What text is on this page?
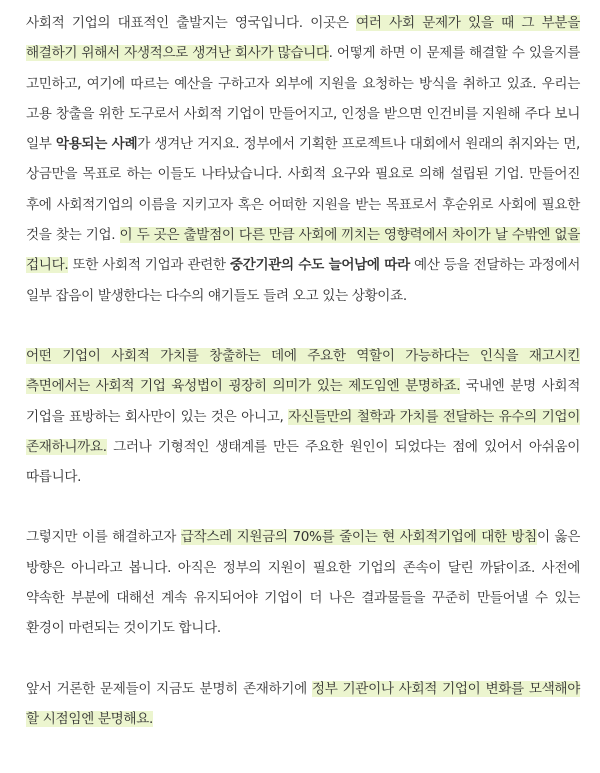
사회적 기업의 대표적인 출발지는 영국입니다. 이곳은 여러 사회 문제가 있을 때 그 부분을 해결하기 위해서 자생적으로 생겨난 회사가 많습니다. 어떻게 하면 이 문제를 해결할 수 있을지를 고민하고, 여기에 따르는 예산을 구하고자 외부에 지원을 요청하는 방식을 취하고 있죠. 우리는 고용 창출을 위한 도구로서 사회적 기업이 만들어지고, 인정을 받으면 인건비를 지원해 주다 보니 일부 악용되는 사례가 생겨난 거지요. 정부에서 기획한 프로젝트나 대회에서 원래의 취지와는 먼, 상금만을 목표로 하는 이들도 나타났습니다. 사회적 요구와 필요로 의해 설립된 기업. 만들어진 후에 사회적기업의 이름을 지키고자 혹은 어떠한 지원을 받는 목표로서 후순위로 사회에 필요한 것을 찾는 기업. 이 두 곳은 출발점이 다른 만큼 사회에 끼치는 영향력에서 차이가 날 수밖엔 없을 겁니다. 또한 사회적 기업과 관련한 중간기관의 수도 늘어남에 따라 예산 등을 전달하는 과정에서 일부 잡음이 발생한다는 다수의 얘기들도 들려 오고 있는 상황이죠.

어떤 기업이 사회적 가치를 창출하는 데에 주요한 역할이 가능하다는 인식을 재고시킨 측면에서는 사회적 기업 육성법이 굉장히 의미가 있는 제도임엔 분명하죠. 국내엔 분명 사회적 기업을 표방하는 회사만이 있는 것은 아니고, 자신들만의 철학과 가치를 전달하는 유수의 기업이 존재하니까요. 그러나 기형적인 생태계를 만든 주요한 원인이 되었다는 점에 있어서 아쉬움이 따릅니다.

그렇지만 이를 해결하고자 급작스레 지원금의 70%를 줄이는 현 사회적기업에 대한 방침이 옳은 방향은 아니라고 봅니다. 아직은 정부의 지원이 필요한 기업의 존속이 달린 까닭이죠. 사전에 약속한 부분에 대해선 계속 유지되어야 기업이 더 나은 결과물들을 꾸준히 만들어낼 수 있는 환경이 마련되는 것이기도 합니다.

앞서 거론한 문제들이 지금도 분명히 존재하기에 정부 기관이나 사회적 기업이 변화를 모색해야 할 시점임엔 분명해요.
